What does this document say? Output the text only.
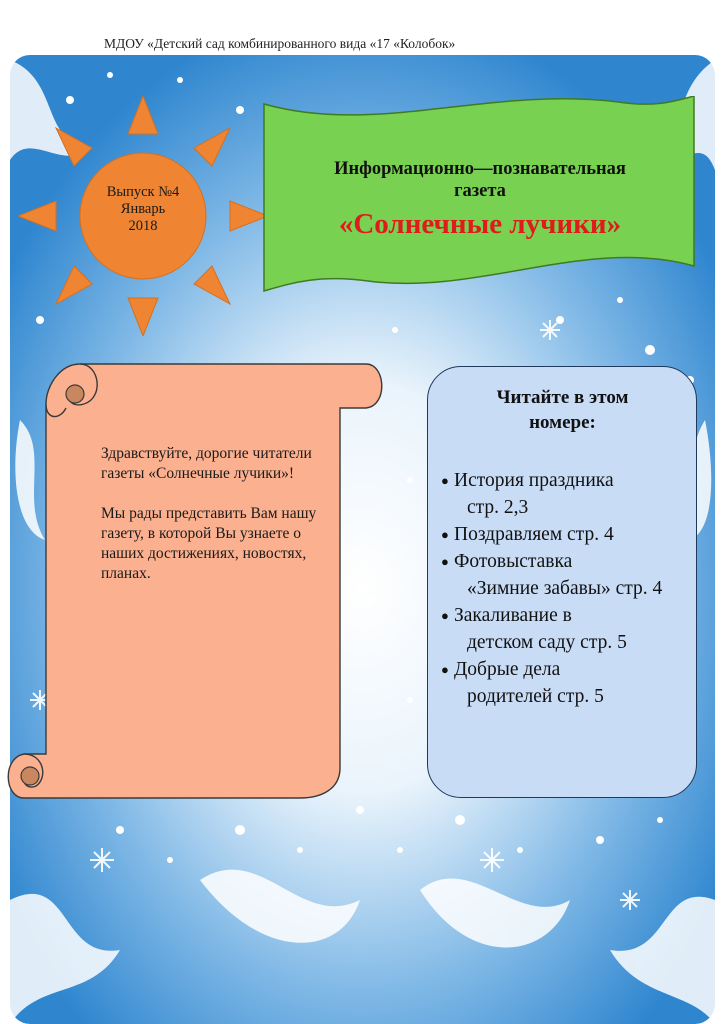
МДОУ «Детский сад комбинированного вида «17 «Колобок»
Выпуск №4
Январь
2018
Информационно—познавательная
газета
«Солнечные лучики»

Здравствуйте, дорогие читатели газеты «Солнечные лучики»!

Мы рады представить Вам нашу газету, в которой Вы узнаете о наших достижениях, новостях, планах.

Читайте в этом
номере:
● История праздника
стр. 2,3
● Поздравляем стр. 4
● Фотовыставка
«Зимние забавы» стр. 4
● Закаливание в
детском саду стр. 5
● Добрые дела
родителей стр. 5
